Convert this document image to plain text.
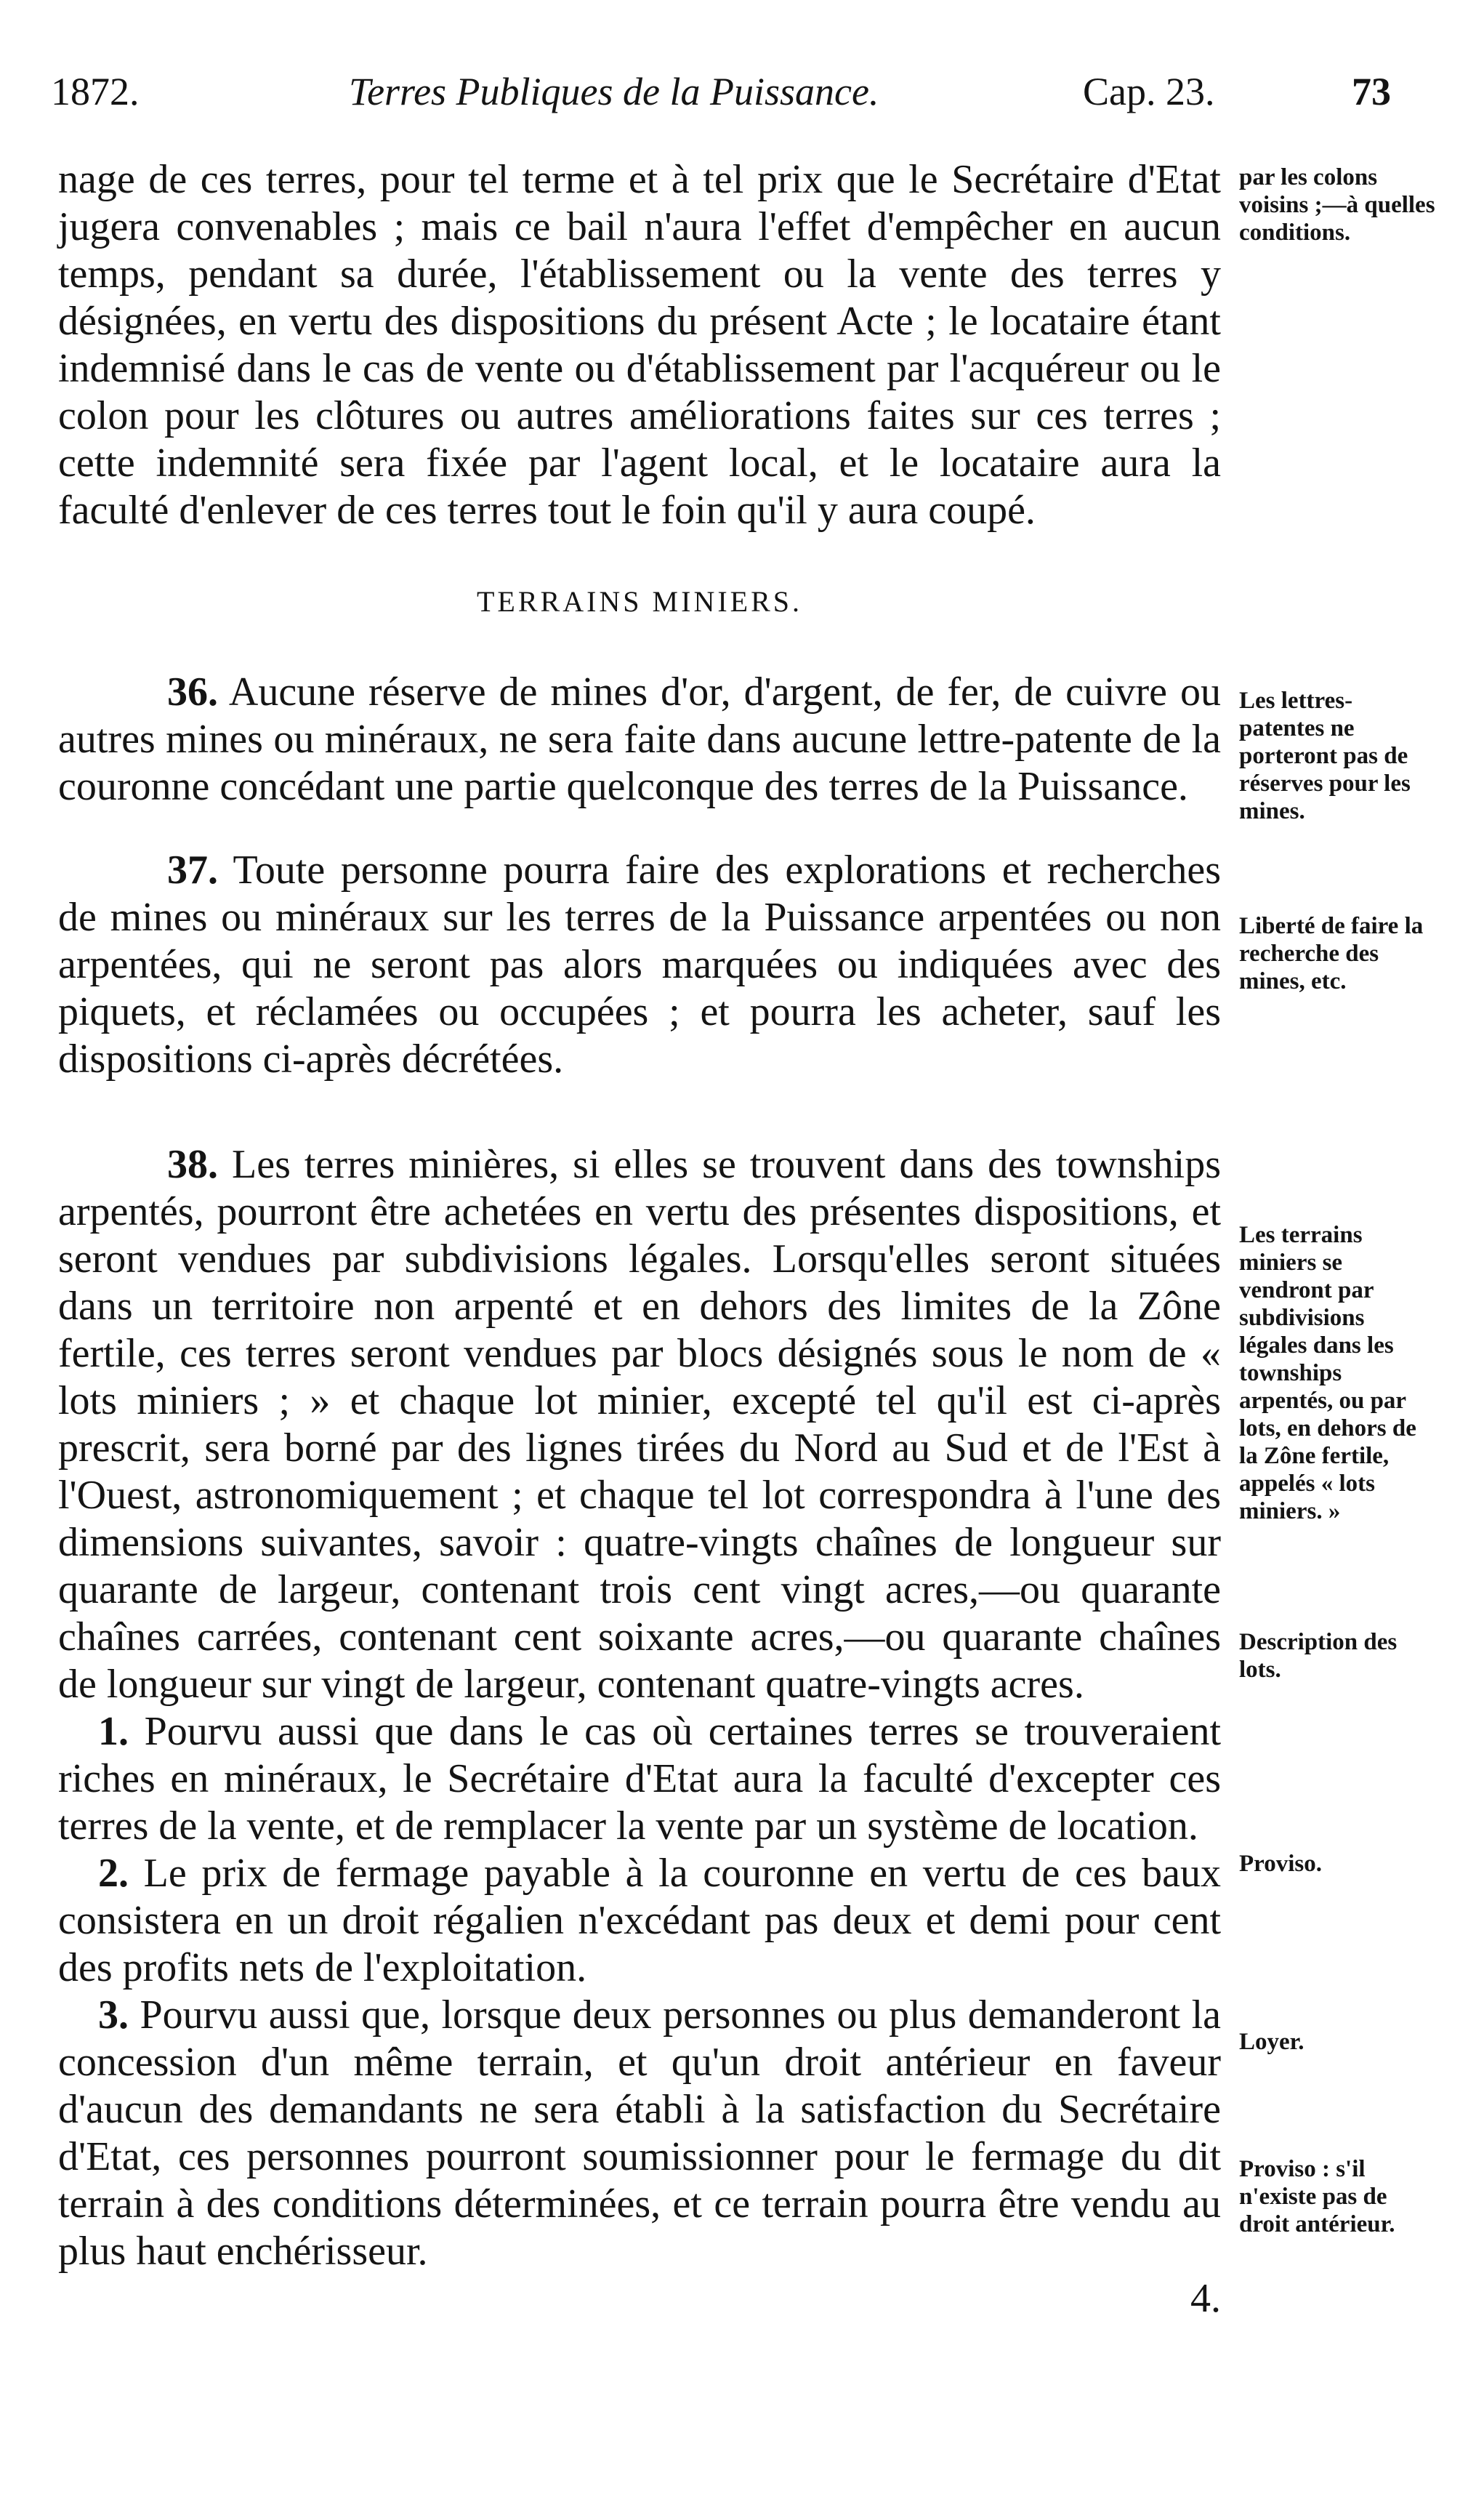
1872.	Terres Publiques de la Puissance.	Cap. 23.	73

nage de ces terres, pour tel terme et à tel prix que le Secrétaire d'Etat jugera convenables ; mais ce bail n'aura l'effet d'empêcher en aucun temps, pendant sa durée, l'établissement ou la vente des terres y désignées, en vertu des dispositions du présent Acte ; le locataire étant indemnisé dans le cas de vente ou d'établissement par l'acquéreur ou le colon pour les clôtures ou autres améliorations faites sur ces terres ; cette indemnité sera fixée par l'agent local, et le locataire aura la faculté d'enlever de ces terres tout le foin qu'il y aura coupé.

TERRAINS MINIERS.

36. Aucune réserve de mines d'or, d'argent, de fer, de cuivre ou autres mines ou minéraux, ne sera faite dans aucune lettre-patente de la couronne concédant une partie quelconque des terres de la Puissance.

37. Toute personne pourra faire des explorations et recherches de mines ou minéraux sur les terres de la Puissance arpentées ou non arpentées, qui ne seront pas alors marquées ou indiquées avec des piquets, et réclamées ou occupées ; et pourra les acheter, sauf les dispositions ci-après décrétées.

38. Les terres minières, si elles se trouvent dans des townships arpentés, pourront être achetées en vertu des présentes dispositions, et seront vendues par subdivisions légales. Lorsqu'elles seront situées dans un territoire non arpenté et en dehors des limites de la Zône fertile, ces terres seront vendues par blocs désignés sous le nom de « lots miniers ; » et chaque lot minier, excepté tel qu'il est ci-après prescrit, sera borné par des lignes tirées du Nord au Sud et de l'Est à l'Ouest, astronomiquement ; et chaque tel lot correspondra à l'une des dimensions suivantes, savoir : quatre-vingts chaînes de longueur sur quarante de largeur, contenant trois cent vingt acres,—ou quarante chaînes carrées, contenant cent soixante acres,—ou quarante chaînes de longueur sur vingt de largeur, contenant quatre-vingts acres.

1. Pourvu aussi que dans le cas où certaines terres se trouveraient riches en minéraux, le Secrétaire d'Etat aura la faculté d'excepter ces terres de la vente, et de remplacer la vente par un système de location.

2. Le prix de fermage payable à la couronne en vertu de ces baux consistera en un droit régalien n'excédant pas deux et demi pour cent des profits nets de l'exploitation.

3. Pourvu aussi que, lorsque deux personnes ou plus demanderont la concession d'un même terrain, et qu'un droit antérieur en faveur d'aucun des demandants ne sera établi à la satisfaction du Secrétaire d'Etat, ces personnes pourront soumissionner pour le fermage du dit terrain à des conditions déterminées, et ce terrain pourra être vendu au plus haut enchérisseur.

4.
par les colons voisins ;—à quelles conditions.
Les lettres-patentes ne porteront pas de réserves pour les mines.
Liberté de faire la recherche des mines, etc.
Les terrains miniers se vendront par subdivisions légales dans les townships arpentés, ou par lots, en dehors de la Zône fertile, appelés « lots miniers. »
Description des lots.
Proviso.
Loyer.
Proviso : s'il n'existe pas de droit antérieur.
